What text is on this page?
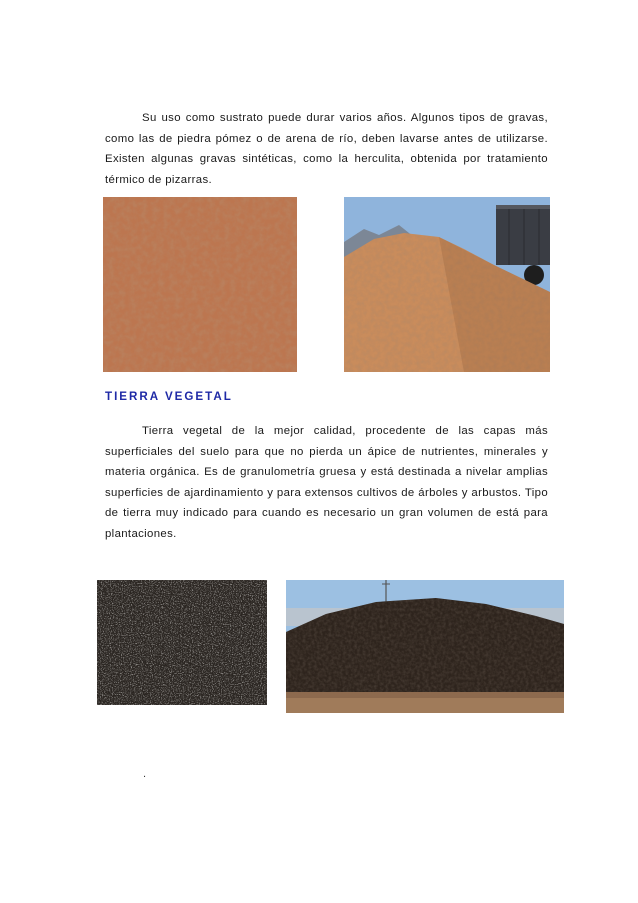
Su uso como sustrato puede durar varios años. Algunos tipos de gravas, como las de piedra pómez o de arena de río, deben lavarse antes de utilizarse. Existen algunas gravas sintéticas, como la herculita, obtenida por tratamiento térmico de pizarras.

TIERRA VEGETAL

Tierra vegetal de la mejor calidad, procedente de las capas más superficiales del suelo para que no pierda un ápice de nutrientes, minerales y materia orgánica. Es de granulometría gruesa y está destinada a nivelar amplias superficies de ajardinamiento y para extensos cultivos de árboles y arbustos. Tipo de tierra muy indicado para cuando es necesario un gran volumen de está para plantaciones.

.
